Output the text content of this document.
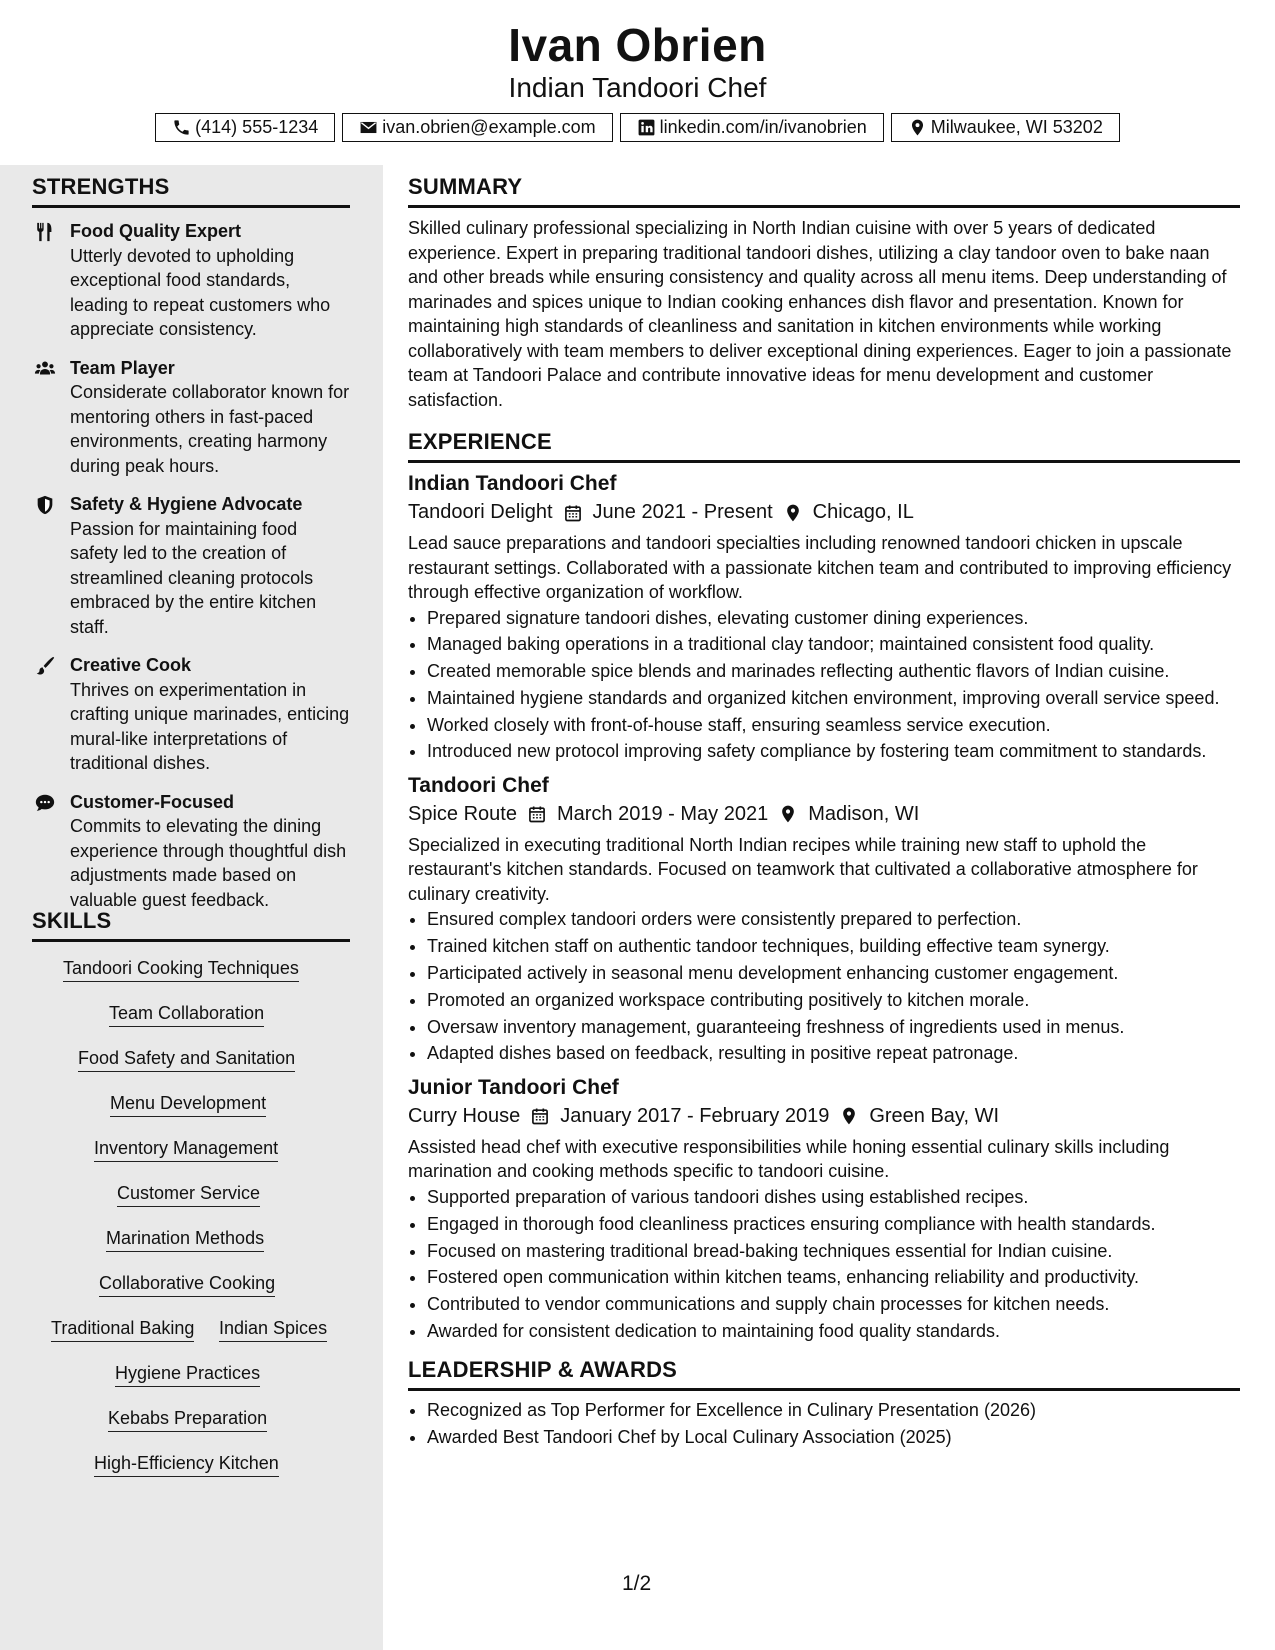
Ivan Obrien
Indian Tandoori Chef
(414) 555-1234	ivan.obrien@example.com	linkedin.com/in/ivanobrien	Milwaukee, WI 53202
STRENGTHS
Food Quality Expert
Utterly devoted to upholding exceptional food standards, leading to repeat customers who appreciate consistency.
Team Player
Considerate collaborator known for mentoring others in fast-paced environments, creating harmony during peak hours.
Safety & Hygiene Advocate
Passion for maintaining food safety led to the creation of streamlined cleaning protocols embraced by the entire kitchen staff.
Creative Cook
Thrives on experimentation in crafting unique marinades, enticing mural-like interpretations of traditional dishes.
Customer-Focused
Commits to elevating the dining experience through thoughtful dish adjustments made based on valuable guest feedback.
SKILLS
Tandoori Cooking Techniques
Team Collaboration
Food Safety and Sanitation
Menu Development
Inventory Management
Customer Service
Marination Methods
Collaborative Cooking
Traditional Baking Indian Spices
Hygiene Practices
Kebabs Preparation
High-Efficiency Kitchen
SUMMARY
Skilled culinary professional specializing in North Indian cuisine with over 5 years of dedicated experience. Expert in preparing traditional tandoori dishes, utilizing a clay tandoor oven to bake naan and other breads while ensuring consistency and quality across all menu items. Deep understanding of marinades and spices unique to Indian cooking enhances dish flavor and presentation. Known for maintaining high standards of cleanliness and sanitation in kitchen environments while working collaboratively with team members to deliver exceptional dining experiences. Eager to join a passionate team at Tandoori Palace and contribute innovative ideas for menu development and customer satisfaction.
EXPERIENCE
Indian Tandoori Chef
Tandoori Delight June 2021 - Present Chicago, IL
Lead sauce preparations and tandoori specialties including renowned tandoori chicken in upscale restaurant settings. Collaborated with a passionate kitchen team and contributed to improving efficiency through effective organization of workflow.
• Prepared signature tandoori dishes, elevating customer dining experiences.
• Managed baking operations in a traditional clay tandoor; maintained consistent food quality.
• Created memorable spice blends and marinades reflecting authentic flavors of Indian cuisine.
• Maintained hygiene standards and organized kitchen environment, improving overall service speed.
• Worked closely with front-of-house staff, ensuring seamless service execution.
• Introduced new protocol improving safety compliance by fostering team commitment to standards.
Tandoori Chef
Spice Route March 2019 - May 2021 Madison, WI
Specialized in executing traditional North Indian recipes while training new staff to uphold the restaurant's kitchen standards. Focused on teamwork that cultivated a collaborative atmosphere for culinary creativity.
• Ensured complex tandoori orders were consistently prepared to perfection.
• Trained kitchen staff on authentic tandoor techniques, building effective team synergy.
• Participated actively in seasonal menu development enhancing customer engagement.
• Promoted an organized workspace contributing positively to kitchen morale.
• Oversaw inventory management, guaranteeing freshness of ingredients used in menus.
• Adapted dishes based on feedback, resulting in positive repeat patronage.
Junior Tandoori Chef
Curry House January 2017 - February 2019 Green Bay, WI
Assisted head chef with executive responsibilities while honing essential culinary skills including marination and cooking methods specific to tandoori cuisine.
• Supported preparation of various tandoori dishes using established recipes.
• Engaged in thorough food cleanliness practices ensuring compliance with health standards.
• Focused on mastering traditional bread-baking techniques essential for Indian cuisine.
• Fostered open communication within kitchen teams, enhancing reliability and productivity.
• Contributed to vendor communications and supply chain processes for kitchen needs.
• Awarded for consistent dedication to maintaining food quality standards.
LEADERSHIP & AWARDS
• Recognized as Top Performer for Excellence in Culinary Presentation (2026)
• Awarded Best Tandoori Chef by Local Culinary Association (2025)
1/2
